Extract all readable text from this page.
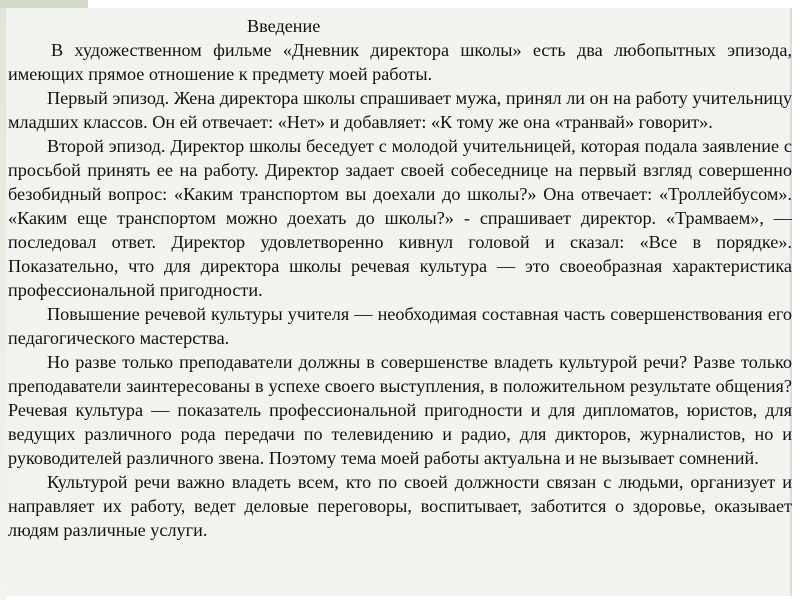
Введение

В художественном фильме «Дневник директора школы» есть два любопытных эпизода, имеющих прямое отношение к предмету моей работы.

Первый эпизод. Жена директора школы спрашивает мужа, принял ли он на работу учительницу младших классов. Он ей отвечает: «Нет» и добавляет: «К тому же она «транвай» говорит».

Второй эпизод. Директор школы беседует с молодой учительницей, которая подала заявление с просьбой принять ее на работу. Директор задает своей собеседнице на первый взгляд совершенно безобидный вопрос: «Каким транспортом вы доехали до школы?» Она отвечает: «Троллейбусом». «Каким еще транспортом можно доехать до школы?» - спрашивает директор. «Трамваем», — последовал ответ. Директор удовлетворенно кивнул головой и сказал: «Все в порядке». Показательно, что для директора школы речевая культура — это своеобразная характеристика профессиональной пригодности.

Повышение речевой культуры учителя — необходимая составная часть совершенствования его педагогического мастерства.

Но разве только преподаватели должны в совершенстве владеть культурой речи? Разве только преподаватели заинтересованы в успехе своего выступления, в положительном результате общения? Речевая культура — показатель профессиональной пригодности и для дипломатов, юристов, для ведущих различного рода передачи по телевидению и радио, для дикторов, журналистов, но и руководителей различного звена. Поэтому тема моей работы актуальна и не вызывает сомнений.

Культурой речи важно владеть всем, кто по своей должности связан с людьми, организует и направляет их работу, ведет деловые переговоры, воспитывает, заботится о здоровье, оказывает людям различные услуги.
